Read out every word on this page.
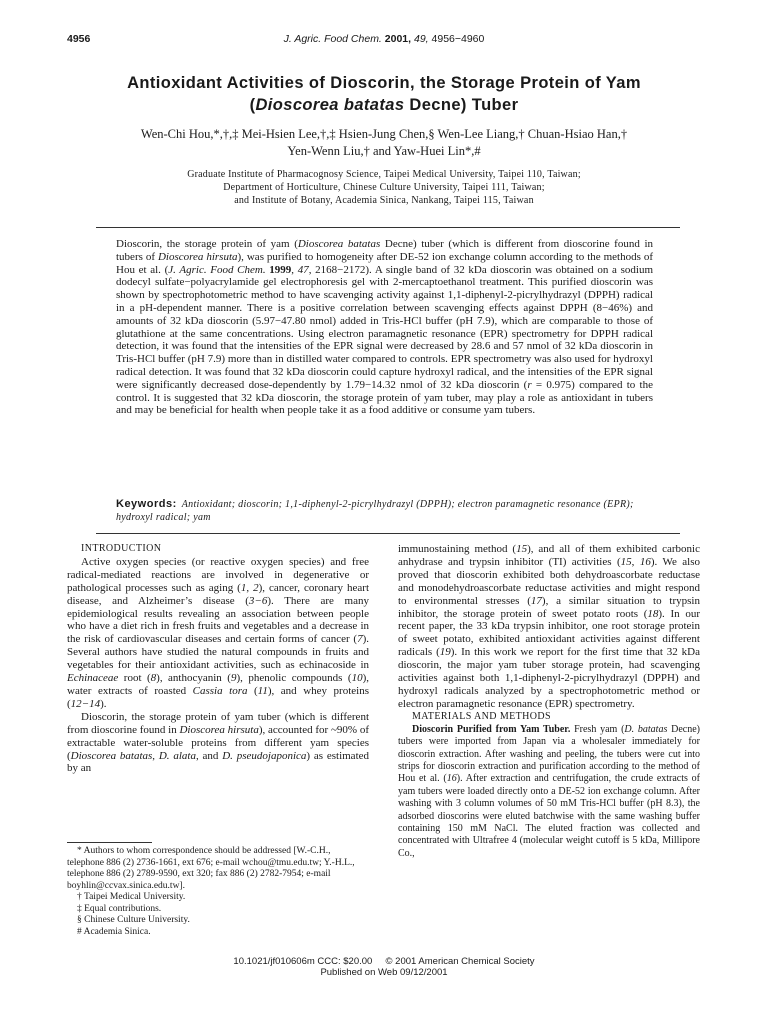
4956	J. Agric. Food Chem. 2001, 49, 4956−4960
Antioxidant Activities of Dioscorin, the Storage Protein of Yam
(Dioscorea batatas Decne) Tuber
Wen-Chi Hou,*,†,‡ Mei-Hsien Lee,†,‡ Hsien-Jung Chen,§ Wen-Lee Liang,† Chuan-Hsiao Han,†
Yen-Wenn Liu,† and Yaw-Huei Lin*,#
Graduate Institute of Pharmacognosy Science, Taipei Medical University, Taipei 110, Taiwan;
Department of Horticulture, Chinese Culture University, Taipei 111, Taiwan;
and Institute of Botany, Academia Sinica, Nankang, Taipei 115, Taiwan

Dioscorin, the storage protein of yam (Dioscorea batatas Decne) tuber (which is different from dioscorine found in tubers of Dioscorea hirsuta), was purified to homogeneity after DE-52 ion exchange column according to the methods of Hou et al. (J. Agric. Food Chem. 1999, 47, 2168−2172). A single band of 32 kDa dioscorin was obtained on a sodium dodecyl sulfate−polyacrylamide gel electrophoresis gel with 2-mercaptoethanol treatment. This purified dioscorin was shown by spectrophotometric method to have scavenging activity against 1,1-diphenyl-2-picrylhydrazyl (DPPH) radical in a pH-dependent manner. There is a positive correlation between scavenging effects against DPPH (8−46%) and amounts of 32 kDa dioscorin (5.97−47.80 nmol) added in Tris-HCl buffer (pH 7.9), which are comparable to those of glutathione at the same concentrations. Using electron paramagnetic resonance (EPR) spectrometry for DPPH radical detection, it was found that the intensities of the EPR signal were decreased by 28.6 and 57 nmol of 32 kDa dioscorin in Tris-HCl buffer (pH 7.9) more than in distilled water compared to controls. EPR spectrometry was also used for hydroxyl radical detection. It was found that 32 kDa dioscorin could capture hydroxyl radical, and the intensities of the EPR signal were significantly decreased dose-dependently by 1.79−14.32 nmol of 32 kDa dioscorin (r = 0.975) compared to the control. It is suggested that 32 kDa dioscorin, the storage protein of yam tuber, may play a role as antioxidant in tubers and may be beneficial for health when people take it as a food additive or consume yam tubers.

Keywords: Antioxidant; dioscorin; 1,1-diphenyl-2-picrylhydrazyl (DPPH); electron paramagnetic resonance (EPR); hydroxyl radical; yam

INTRODUCTION

Active oxygen species (or reactive oxygen species) and free radical-mediated reactions are involved in degenerative or pathological processes such as aging (1, 2), cancer, coronary heart disease, and Alzheimer’s disease (3−6). There are many epidemiological results revealing an association between people who have a diet rich in fresh fruits and vegetables and a decrease in the risk of cardiovascular diseases and certain forms of cancer (7). Several authors have studied the natural compounds in fruits and vegetables for their antioxidant activities, such as echinacoside in Echinaceae root (8), anthocyanin (9), phenolic compounds (10), water extracts of roasted Cassia tora (11), and whey proteins (12−14).

Dioscorin, the storage protein of yam tuber (which is different from dioscorine found in Dioscorea hirsuta), accounted for ~90% of extractable water-soluble proteins from different yam species (Dioscorea batatas, D. alata, and D. pseudojaponica) as estimated by an

* Authors to whom correspondence should be addressed [W.-C.H., telephone 886 (2) 2736-1661, ext 676; e-mail wchou@tmu.edu.tw; Y.-H.L., telephone 886 (2) 2789-9590, ext 320; fax 886 (2) 2782-7954; e-mail boyhlin@ccvax.sinica.edu.tw].

† Taipei Medical University.

‡ Equal contributions.

§ Chinese Culture University.

# Academia Sinica.

immunostaining method (15), and all of them exhibited carbonic anhydrase and trypsin inhibitor (TI) activities (15, 16). We also proved that dioscorin exhibited both dehydroascorbate reductase and monodehydroascorbate reductase activities and might respond to environmental stresses (17), a similar situation to trypsin inhibitor, the storage protein of sweet potato roots (18). In our recent paper, the 33 kDa trypsin inhibitor, one root storage protein of sweet potato, exhibited antioxidant activities against different radicals (19). In this work we report for the first time that 32 kDa dioscorin, the major yam tuber storage protein, had scavenging activities against both 1,1-diphenyl-2-picrylhydrazyl (DPPH) and hydroxyl radicals analyzed by a spectrophotometric method or electron paramagnetic resonance (EPR) spectrometry.

MATERIALS AND METHODS

Dioscorin Purified from Yam Tuber. Fresh yam (D. batatas Decne) tubers were imported from Japan via a wholesaler immediately for dioscorin extraction. After washing and peeling, the tubers were cut into strips for dioscorin extraction and purification according to the method of Hou et al. (16). After extraction and centrifugation, the crude extracts of yam tubers were loaded directly onto a DE-52 ion exchange column. After washing with 3 column volumes of 50 mM Tris-HCl buffer (pH 8.3), the adsorbed dioscorins were eluted batchwise with the same washing buffer containing 150 mM NaCl. The eluted fraction was collected and concentrated with Ultrafree 4 (molecular weight cutoff is 5 kDa, Millipore Co.,

10.1021/jf010606m CCC: $20.00     © 2001 American Chemical Society
Published on Web 09/12/2001
